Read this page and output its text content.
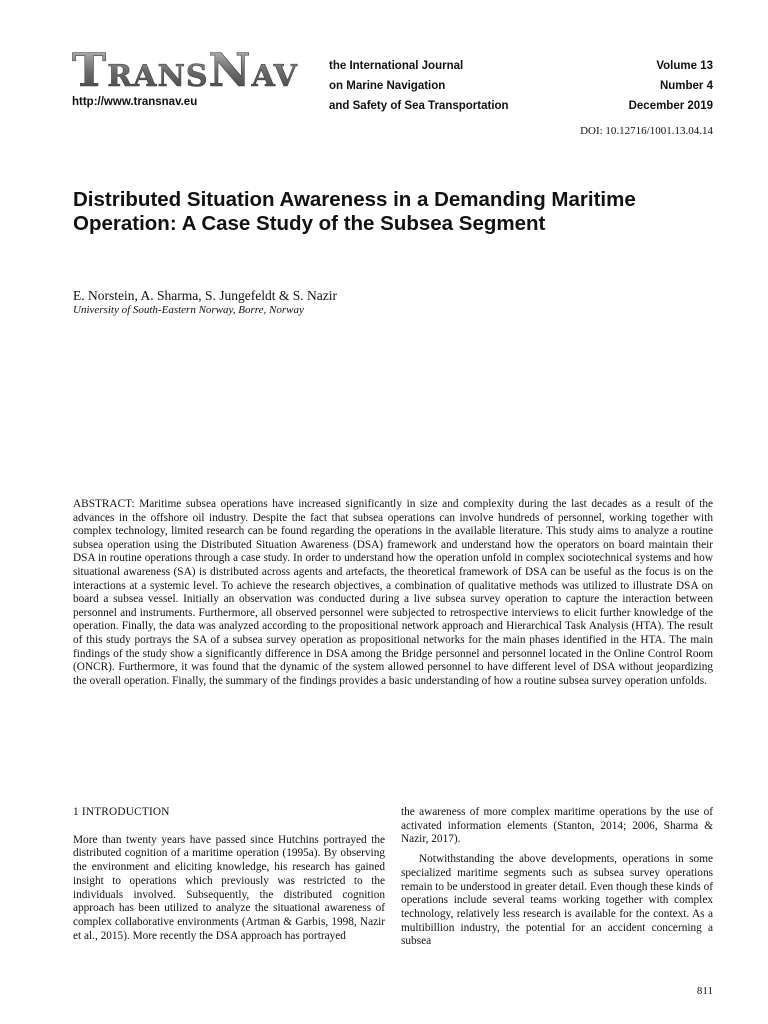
TRANSNAV
http://www.transnav.eu
the International Journal
on Marine Navigation
and Safety of Sea Transportation
Volume 13
Number 4
December 2019
DOI: 10.12716/1001.13.04.14
Distributed Situation Awareness in a Demanding Maritime Operation: A Case Study of the Subsea Segment
E. Norstein, A. Sharma, S. Jungefeldt & S. Nazir
University of South-Eastern Norway, Borre, Norway
ABSTRACT: Maritime subsea operations have increased significantly in size and complexity during the last decades as a result of the advances in the offshore oil industry. Despite the fact that subsea operations can involve hundreds of personnel, working together with complex technology, limited research can be found regarding the operations in the available literature. This study aims to analyze a routine subsea operation using the Distributed Situation Awareness (DSA) framework and understand how the operators on board maintain their DSA in routine operations through a case study. In order to understand how the operation unfold in complex sociotechnical systems and how situational awareness (SA) is distributed across agents and artefacts, the theoretical framework of DSA can be useful as the focus is on the interactions at a systemic level. To achieve the research objectives, a combination of qualitative methods was utilized to illustrate DSA on board a subsea vessel. Initially an observation was conducted during a live subsea survey operation to capture the interaction between personnel and instruments. Furthermore, all observed personnel were subjected to retrospective interviews to elicit further knowledge of the operation. Finally, the data was analyzed according to the propositional network approach and Hierarchical Task Analysis (HTA). The result of this study portrays the SA of a subsea survey operation as propositional networks for the main phases identified in the HTA. The main findings of the study show a significantly difference in DSA among the Bridge personnel and personnel located in the Online Control Room (ONCR). Furthermore, it was found that the dynamic of the system allowed personnel to have different level of DSA without jeopardizing the overall operation. Finally, the summary of the findings provides a basic understanding of how a routine subsea survey operation unfolds.
1 INTRODUCTION

More than twenty years have passed since Hutchins portrayed the distributed cognition of a maritime operation (1995a). By observing the environment and eliciting knowledge, his research has gained insight to operations which previously was restricted to the individuals involved. Subsequently, the distributed cognition approach has been utilized to analyze the situational awareness of complex collaborative environments (Artman & Garbis, 1998, Nazir et al., 2015). More recently the DSA approach has portrayed

the awareness of more complex maritime operations by the use of activated information elements (Stanton, 2014; 2006, Sharma & Nazir, 2017).

Notwithstanding the above developments, operations in some specialized maritime segments such as subsea survey operations remain to be understood in greater detail. Even though these kinds of operations include several teams working together with complex technology, relatively less research is available for the context. As a multibillion industry, the potential for an accident concerning a subsea

811
